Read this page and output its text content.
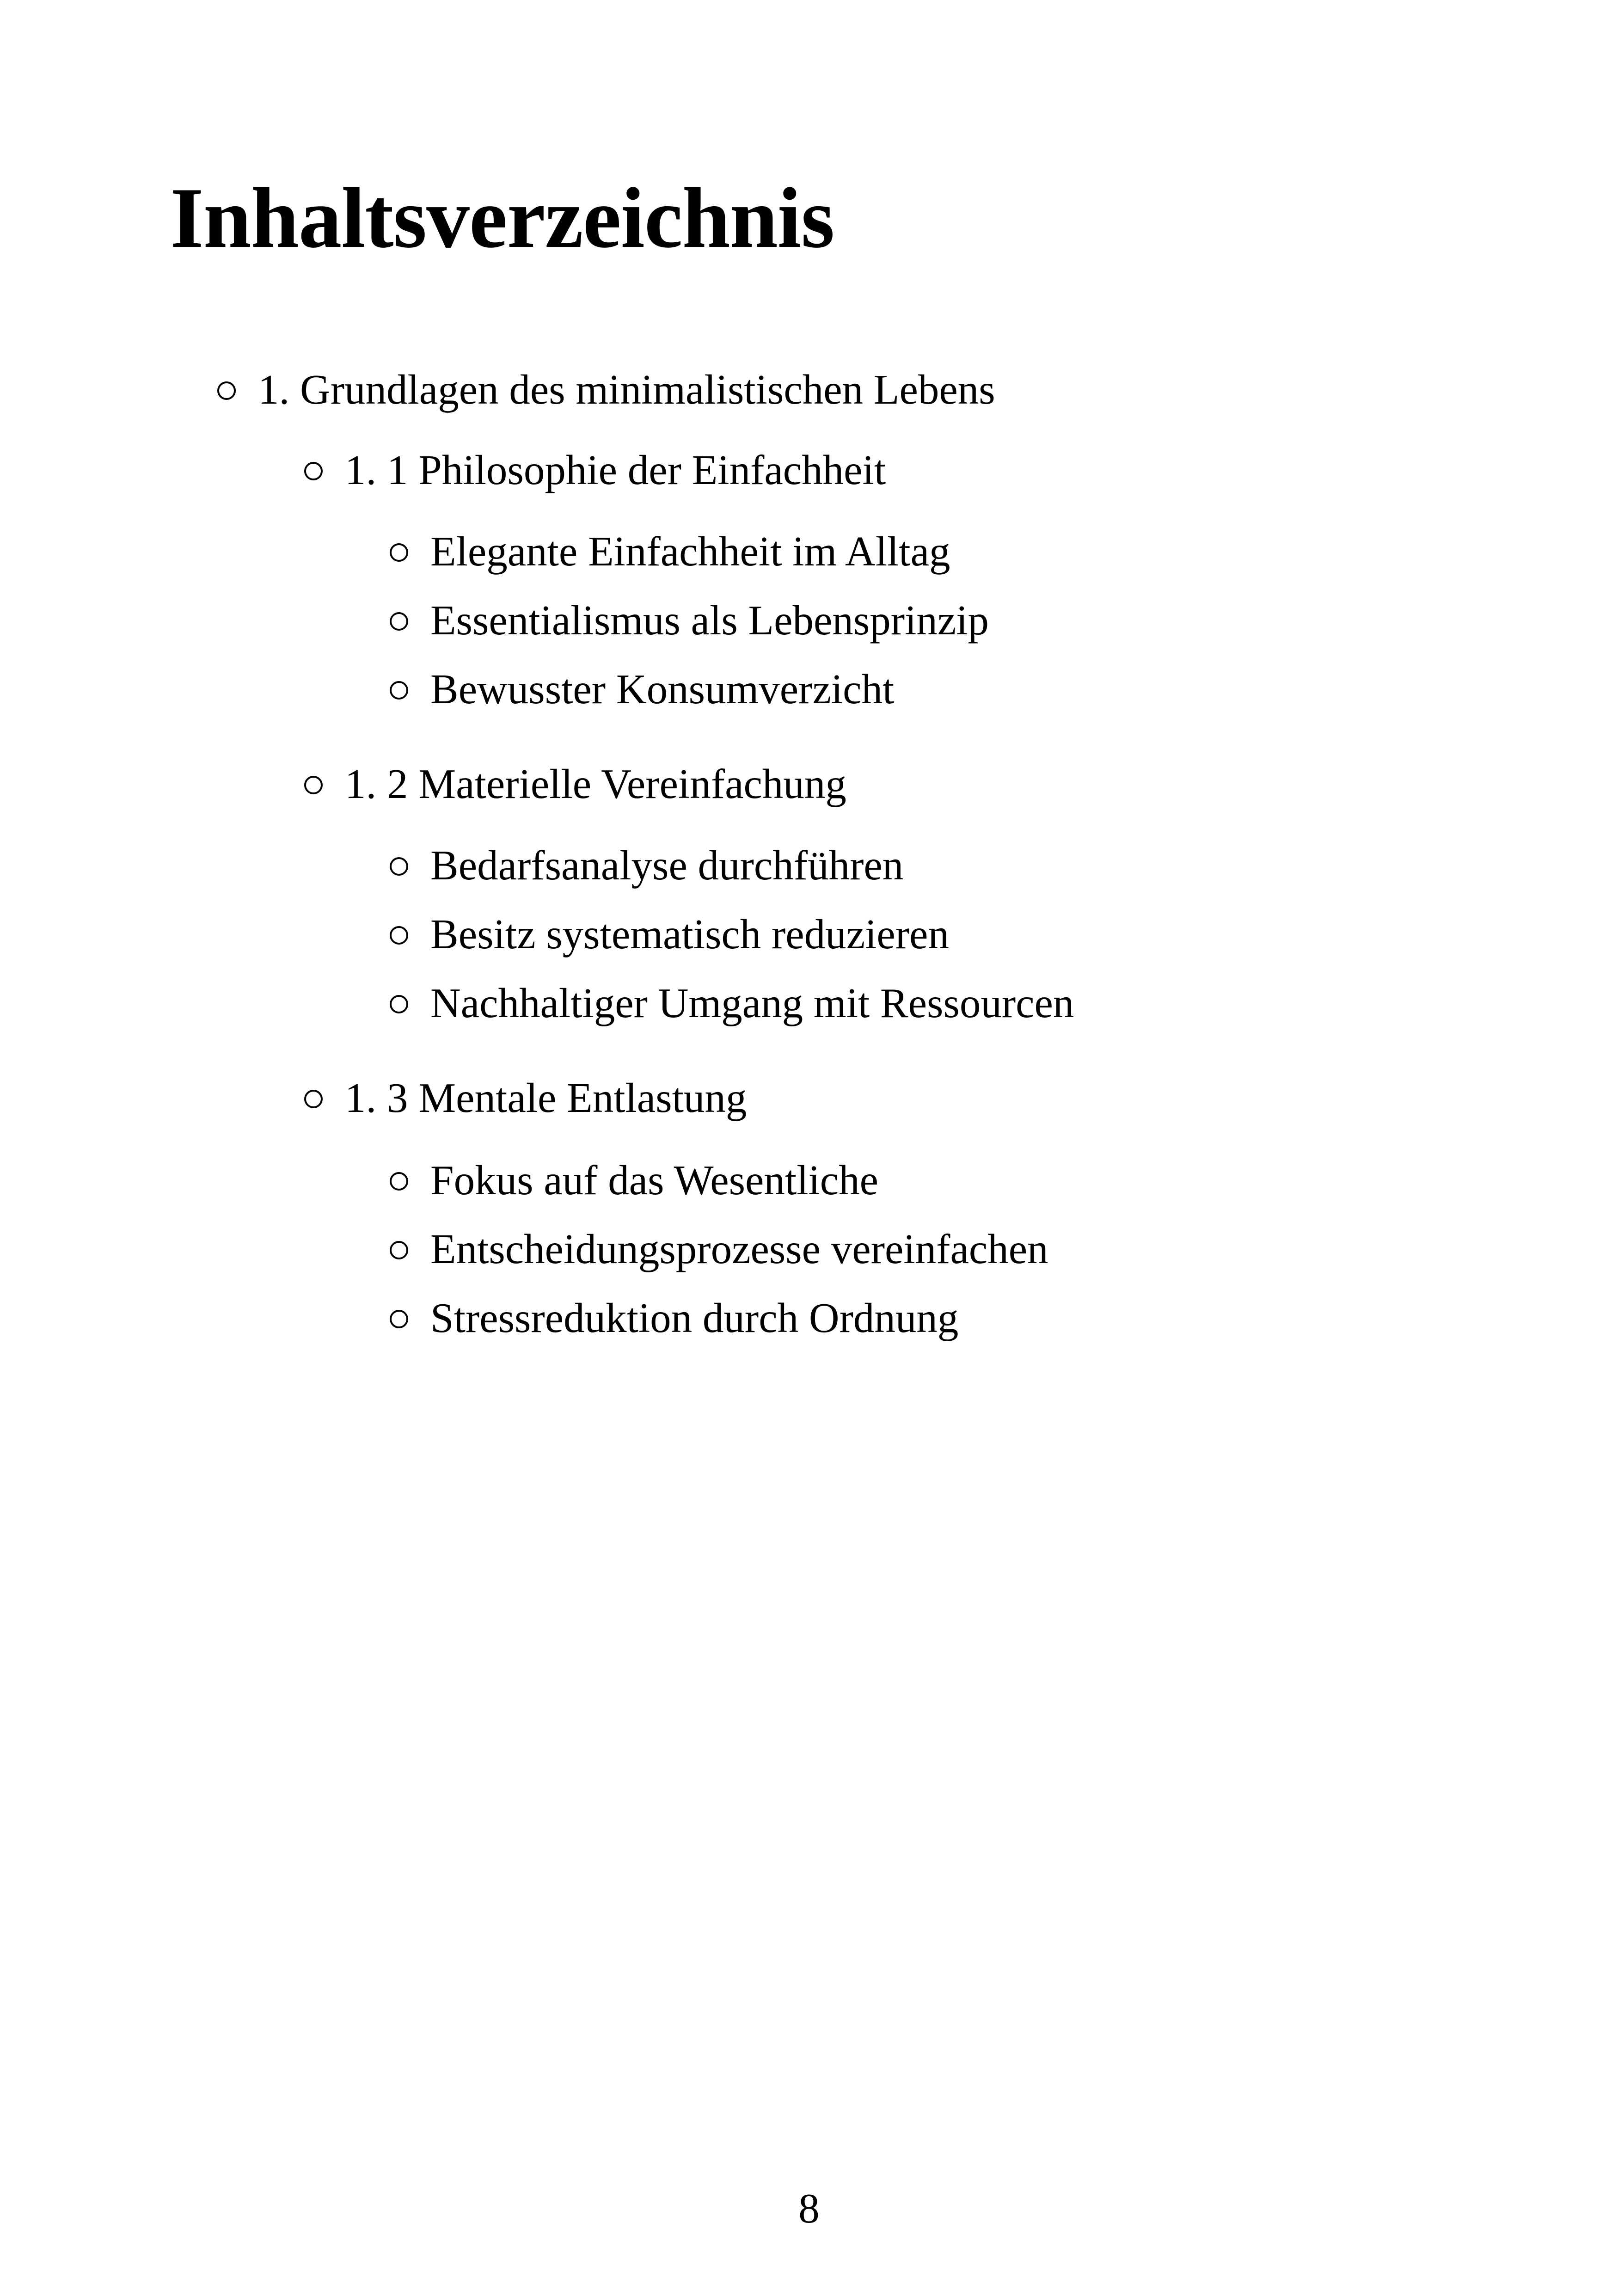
Inhaltsverzeichnis
1. Grundlagen des minimalistischen Lebens
1. 1 Philosophie der Einfachheit
Elegante Einfachheit im Alltag
Essentialismus als Lebensprinzip
Bewusster Konsumverzicht
1. 2 Materielle Vereinfachung
Bedarfsanalyse durchführen
Besitz systematisch reduzieren
Nachhaltiger Umgang mit Ressourcen
1. 3 Mentale Entlastung
Fokus auf das Wesentliche
Entscheidungsprozesse vereinfachen
Stressreduktion durch Ordnung
8
